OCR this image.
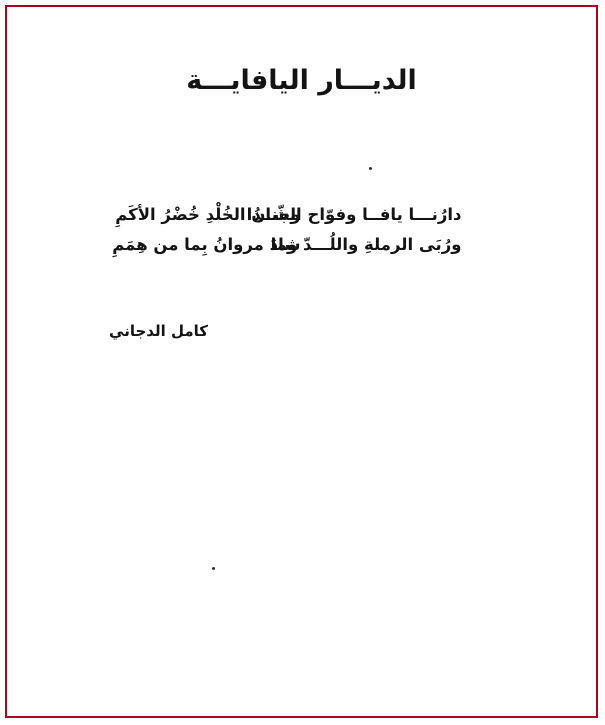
الديـــار اليافايـــة
دارُنـــا يافــا وفوّاح الشّــذا
وجنانُ الخُلْدِ خُضْرُ الأكَمِ
ورُبَى الرملةِ واللُـــدّ وما
شادَ مروانُ بِما من هِمَمِ
كامل الدجاني
